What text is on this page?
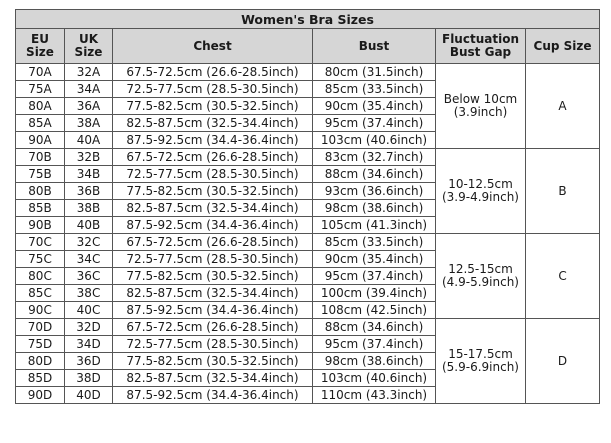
Women's Bra Sizes					
EU Size	UK Size	Chest	Bust	Fluctuation Bust Gap	Cup Size
70A	32A	67.5-72.5cm (26.6-28.5inch)	80cm (31.5inch)	Below 10cm (3.9inch)	A
75A	34A	72.5-77.5cm (28.5-30.5inch)	85cm (33.5inch)		
80A	36A	77.5-82.5cm (30.5-32.5inch)	90cm (35.4inch)		
85A	38A	82.5-87.5cm (32.5-34.4inch)	95cm (37.4inch)		
90A	40A	87.5-92.5cm (34.4-36.4inch)	103cm (40.6inch)		
70B	32B	67.5-72.5cm (26.6-28.5inch)	83cm (32.7inch)	10-12.5cm (3.9-4.9inch)	B
75B	34B	72.5-77.5cm (28.5-30.5inch)	88cm (34.6inch)		
80B	36B	77.5-82.5cm (30.5-32.5inch)	93cm (36.6inch)		
85B	38B	82.5-87.5cm (32.5-34.4inch)	98cm (38.6inch)		
90B	40B	87.5-92.5cm (34.4-36.4inch)	105cm (41.3inch)		
70C	32C	67.5-72.5cm (26.6-28.5inch)	85cm (33.5inch)	12.5-15cm (4.9-5.9inch)	C
75C	34C	72.5-77.5cm (28.5-30.5inch)	90cm (35.4inch)		
80C	36C	77.5-82.5cm (30.5-32.5inch)	95cm (37.4inch)		
85C	38C	82.5-87.5cm (32.5-34.4inch)	100cm (39.4inch)		
90C	40C	87.5-92.5cm (34.4-36.4inch)	108cm (42.5inch)		
70D	32D	67.5-72.5cm (26.6-28.5inch)	88cm (34.6inch)	15-17.5cm (5.9-6.9inch)	D
75D	34D	72.5-77.5cm (28.5-30.5inch)	95cm (37.4inch)		
80D	36D	77.5-82.5cm (30.5-32.5inch)	98cm (38.6inch)		
85D	38D	82.5-87.5cm (32.5-34.4inch)	103cm (40.6inch)		
90D	40D	87.5-92.5cm (34.4-36.4inch)	110cm (43.3inch)		
